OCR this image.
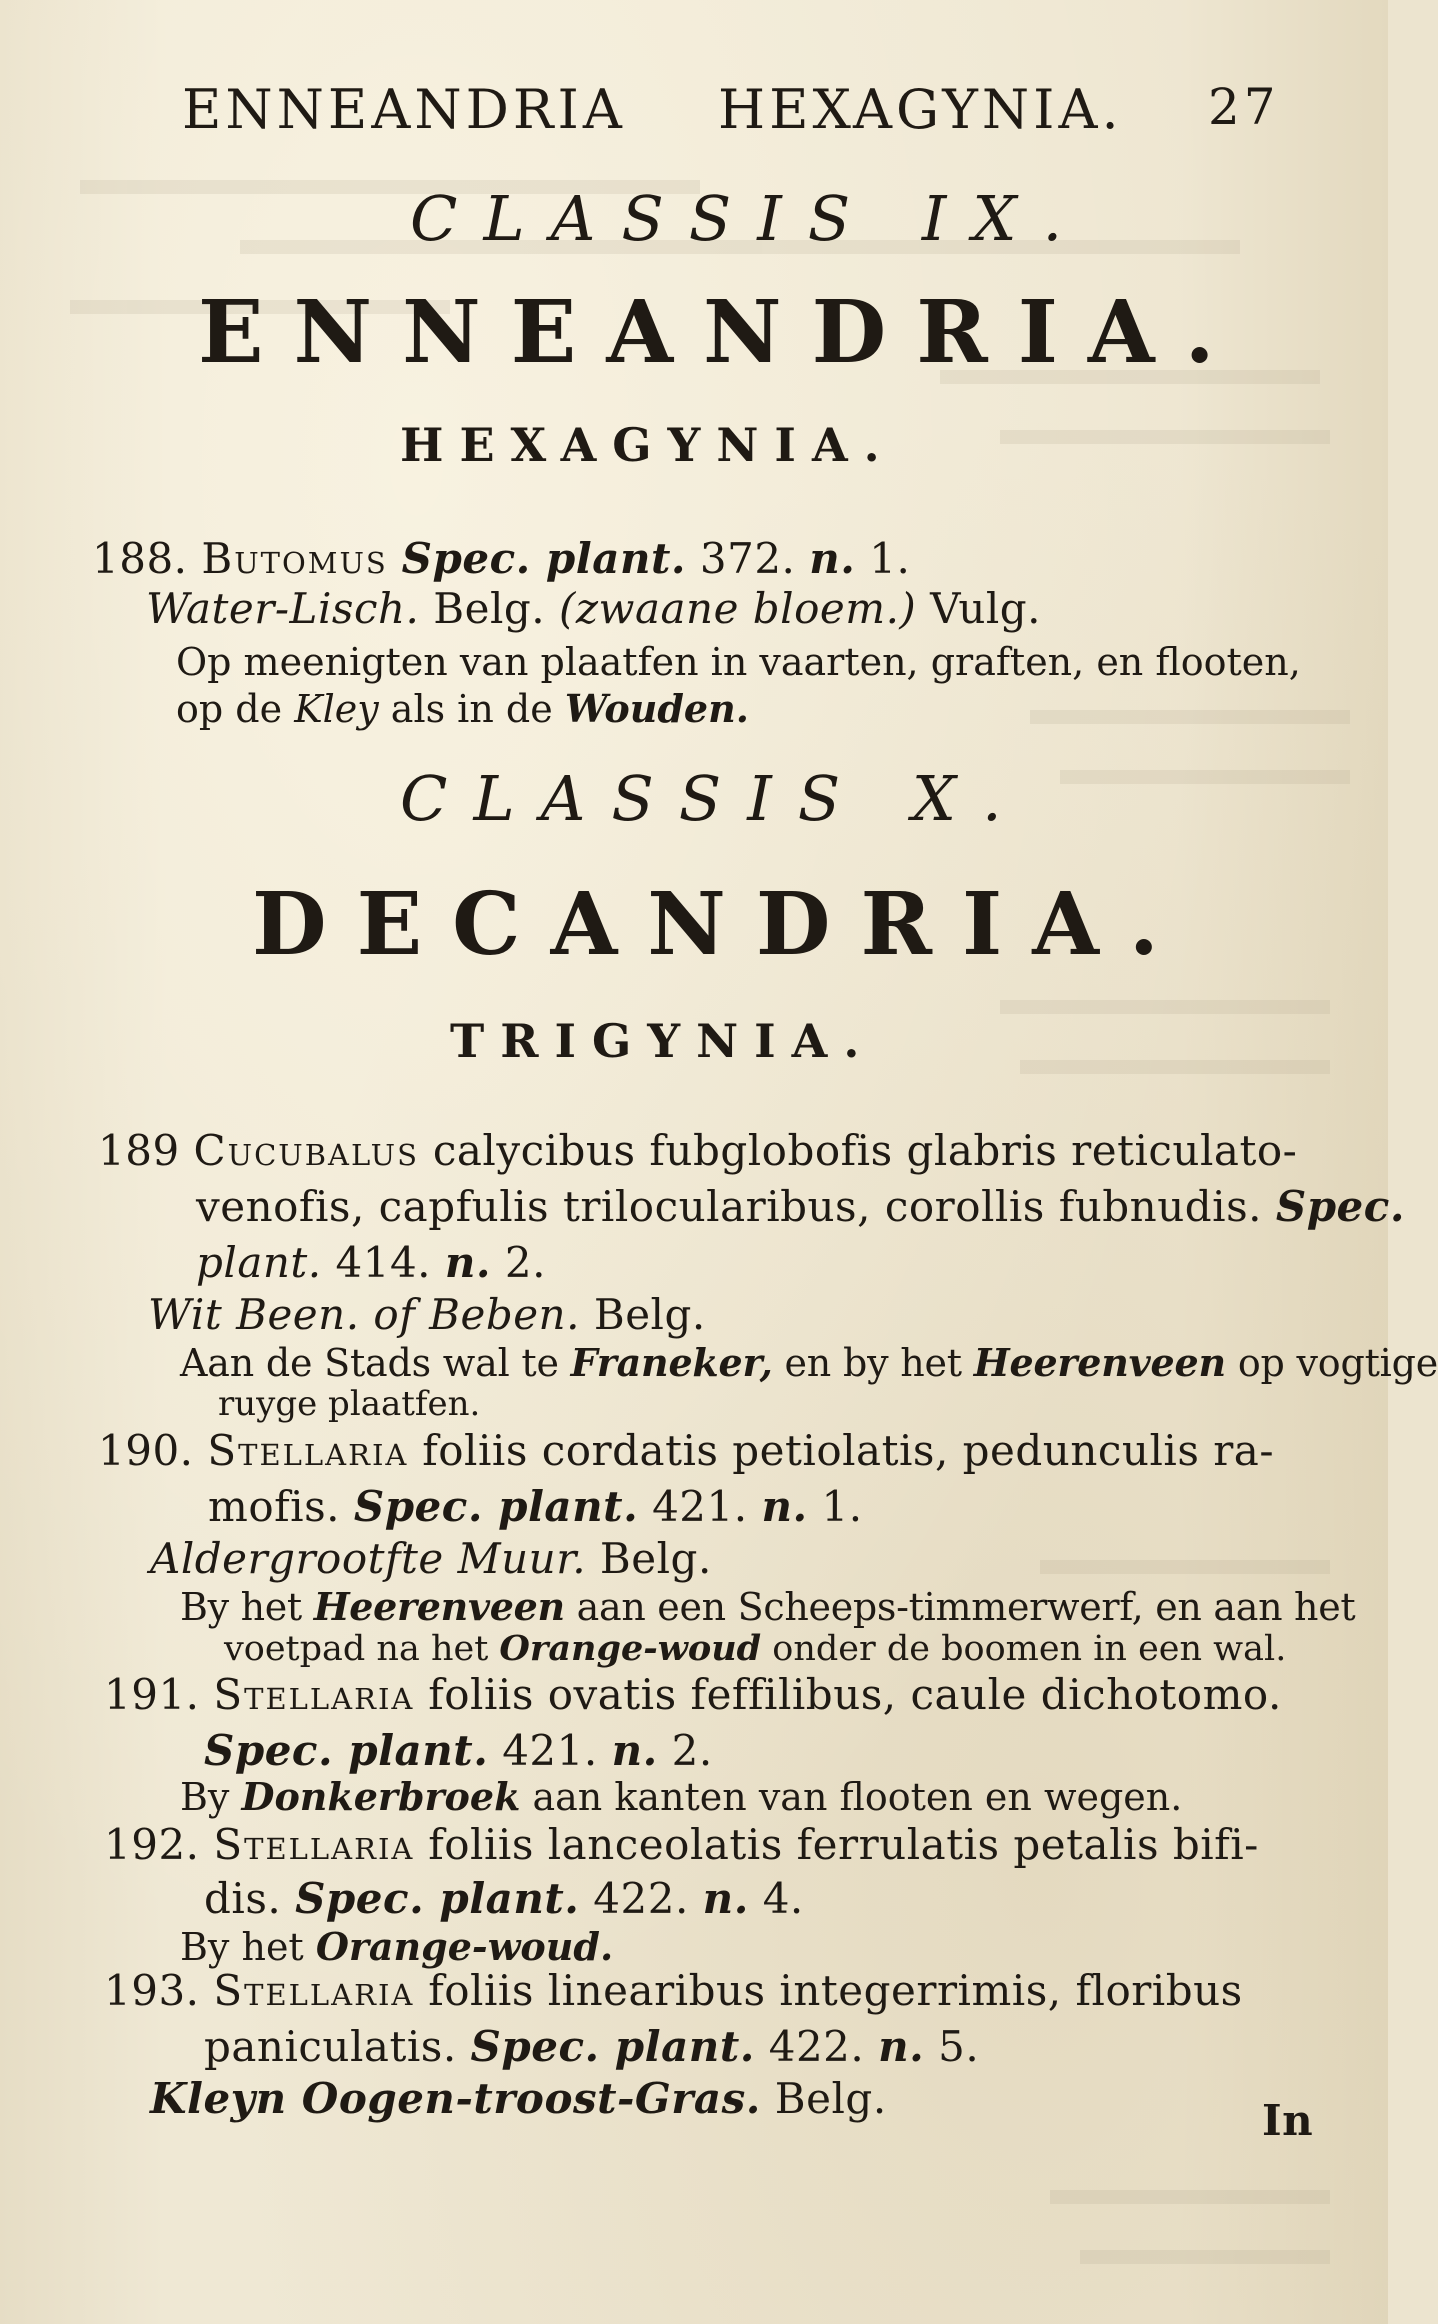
ENNEANDRIA HEXAGYNIA. 27
CLASSIS IX.
ENNEANDRIA.
HEXAGYNIA.
188. Butomus Spec. plant. 372. n. 1.
Water-Lisch. Belg. (zwaane bloem.) Vulg.
Op meenigten van plaatfen in vaarten, graften, en flooten,
op de Kley als in de Wouden.
CLASSIS X.
DECANDRIA.
TRIGYNIA.
189 Cucubalus calycibus fubglobofis glabris reticulato-
venofis, capfulis trilocularibus, corollis fubnudis. Spec.
plant. 414. n. 2.
Wit Been. of Beben. Belg.
Aan de Stads wal te Franeker, en by het Heerenveen op vogtige
ruyge plaatfen.
190. Stellaria foliis cordatis petiolatis, pedunculis ra-
mofis. Spec. plant. 421. n. 1.
Aldergrootfte Muur. Belg.
By het Heerenveen aan een Scheeps-timmerwerf, en aan het
voetpad na het Orange-woud onder de boomen in een wal.
191. Stellaria foliis ovatis feffilibus, caule dichotomo.
Spec. plant. 421. n. 2.
By Donkerbroek aan kanten van flooten en wegen.
192. Stellaria foliis lanceolatis ferrulatis petalis bifi-
dis. Spec. plant. 422. n. 4.
By het Orange-woud.
193. Stellaria foliis linearibus integerrimis, floribus
paniculatis. Spec. plant. 422. n. 5.
Kleyn Oogen-troost-Gras. Belg.	In
